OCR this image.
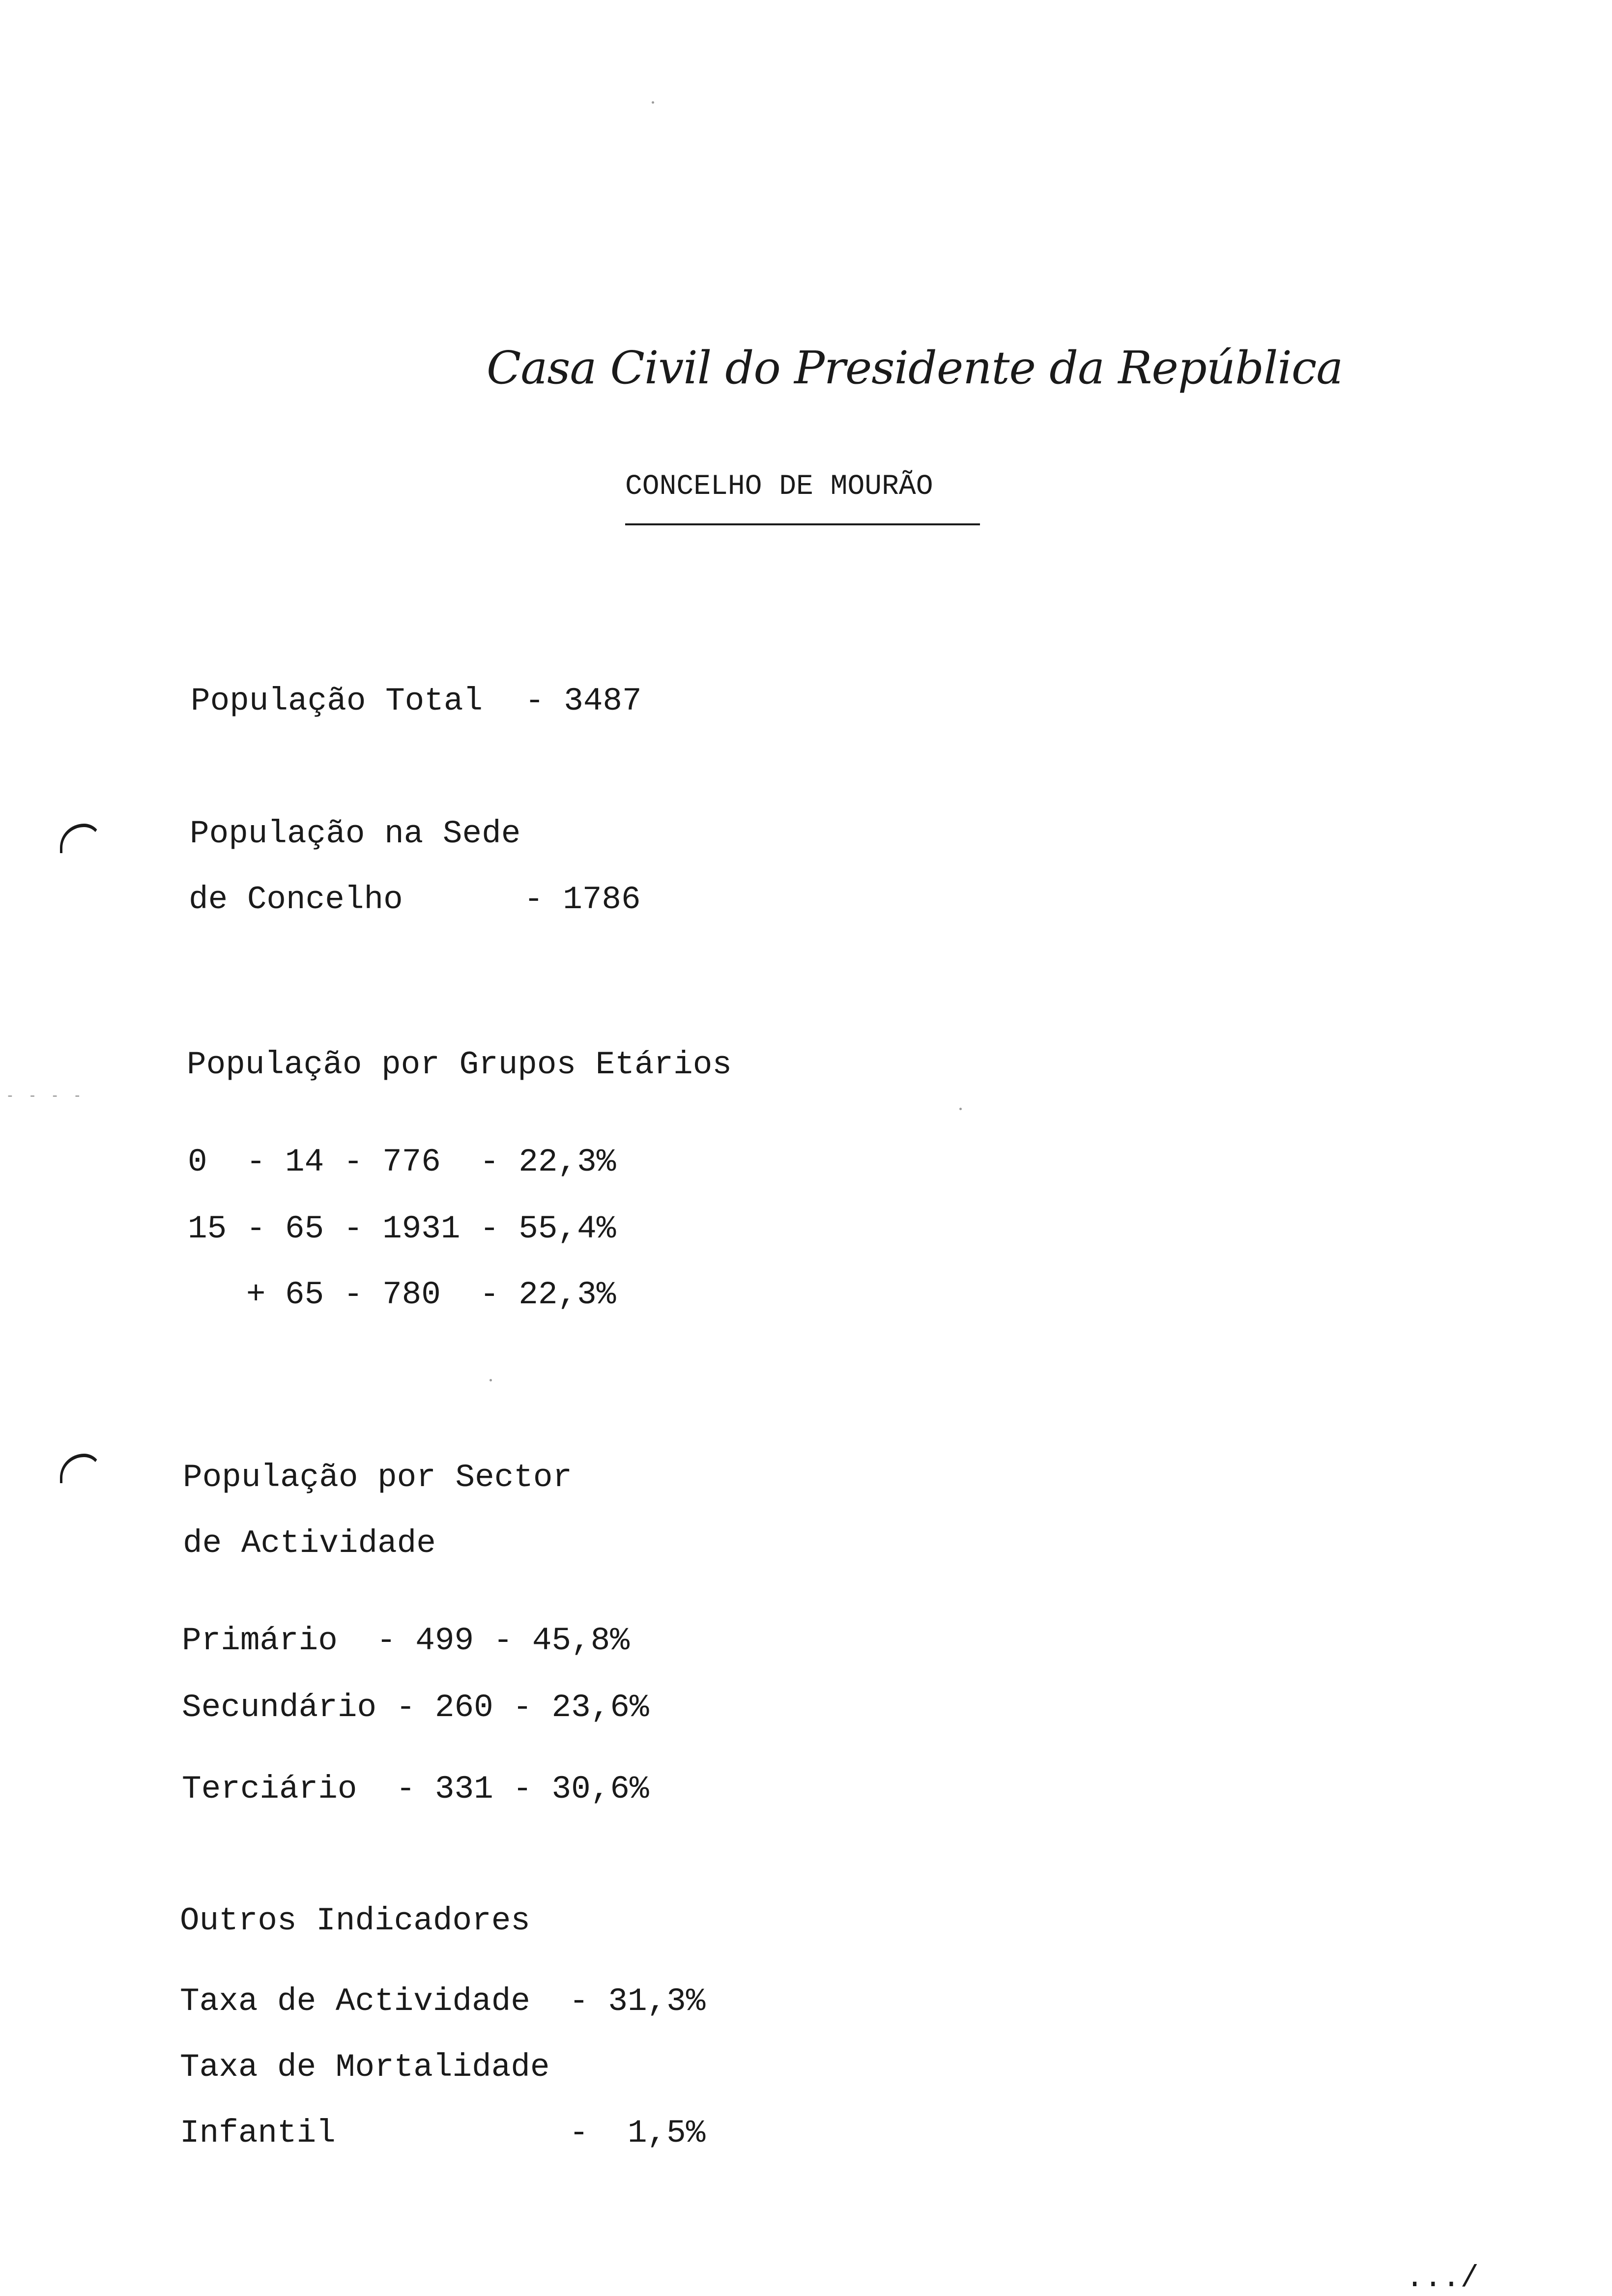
- - - -
Casa Civil do Presidente da República
CONCELHO DE MOURÃO
População Total - 3487
População na Sede
de Concelho	- 1786
População por Grupos Etários
0  - 14 - 776  - 22,3%
15 - 65 - 1931 - 55,4%
+ 65 - 780  - 22,3%
População por Sector
de Actividade
Primário  - 499 - 45,8%
Secundário - 260 - 23,6%
Terciário  - 331 - 30,6%
Outros Indicadores
Taxa de Actividade  - 31,3%
Taxa de Mortalidade
Infantil            -  1,5%
.../
